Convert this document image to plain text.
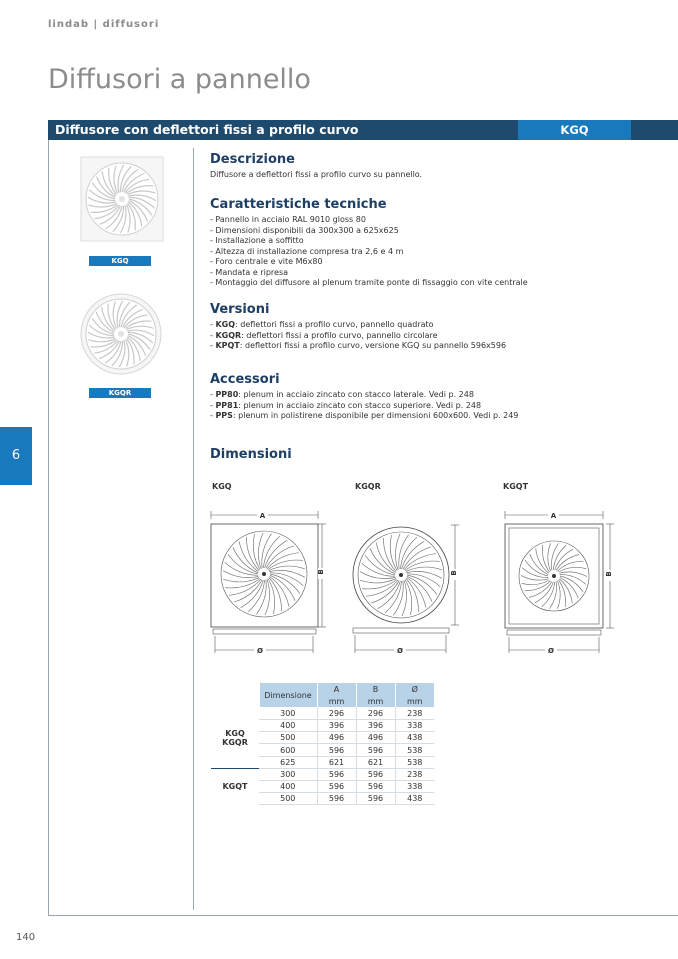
lindab | diffusori
Diffusori a pannello
Diffusore con deflettori fissi a profilo curvo	KGQ
6
140
KGQ
KGQR
Descrizione

Diffusore a deflettori fissi a profilo curvo su pannello.

Caratteristiche tecniche
- Pannello in acciaio RAL 9010 gloss 80
- Dimensioni disponibili da 300x300 a 625x625
- Installazione a soffitto
- Altezza di installazione compresa tra 2,6 e 4 m
- Foro centrale e vite M6x80
- Mandata e ripresa
- Montaggio del diffusore al plenum tramite ponte di fissaggio con vite centrale
Versioni
- KGQ: deflettori fissi a profilo curvo, pannello quadrato
- KGQR: deflettori fissi a profilo curvo, pannello circolare
- KPQT: deflettori fissi a profilo curvo, versione KGQ su pannello 596x596
Accessori
- PP80: plenum in acciaio zincato con stacco laterale. Vedi p. 248
- PP81: plenum in acciaio zincato con stacco superiore. Vedi p. 248
- PPS: plenum in polistirene disponibile per dimensioni 600x600. Vedi p. 249
Dimensioni
KGQ	KGQR	KGQT
A
B
Ø
B
Ø
A
B
Ø
	Dimensione	A	B	Ø
		mm	mm	mm
KGQ
KGQR	300	296	296	238
	400	396	396	338
	500	496	496	438
	600	596	596	538
	625	621	621	538
KGQT	300	596	596	238
	400	596	596	338
	500	596	596	438
